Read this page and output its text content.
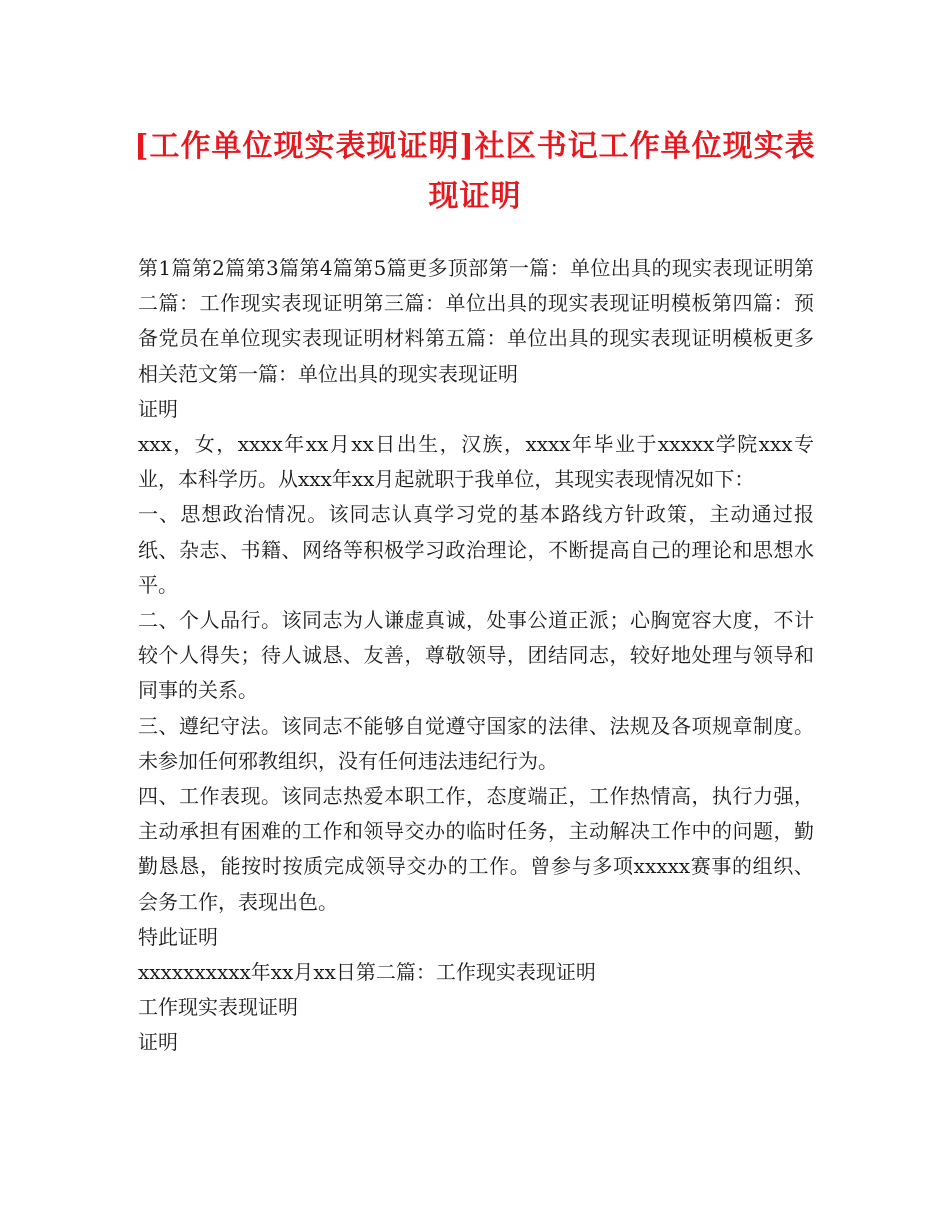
[工作单位现实表现证明]社区书记工作单位现实表现证明

第1篇第2篇第3篇第4篇第5篇更多顶部第一篇：单位出具的现实表现证明第二篇：工作现实表现证明第三篇：单位出具的现实表现证明模板第四篇：预备党员在单位现实表现证明材料第五篇：单位出具的现实表现证明模板更多相关范文第一篇：单位出具的现实表现证明

证明

xxx，女，xxxx年xx月xx日出生，汉族，xxxx年毕业于xxxxx学院xxx专业，本科学历。从xxx年xx月起就职于我单位，其现实表现情况如下：

一、思想政治情况。该同志认真学习党的基本路线方针政策，主动通过报纸、杂志、书籍、网络等积极学习政治理论，不断提高自己的理论和思想水平。

二、个人品行。该同志为人谦虚真诚，处事公道正派；心胸宽容大度，不计较个人得失；待人诚恳、友善，尊敬领导，团结同志，较好地处理与领导和同事的关系。

三、遵纪守法。该同志不能够自觉遵守国家的法律、法规及各项规章制度。未参加任何邪教组织，没有任何违法违纪行为。

四、工作表现。该同志热爱本职工作，态度端正，工作热情高，执行力强，主动承担有困难的工作和领导交办的临时任务，主动解决工作中的问题，勤勤恳恳，能按时按质完成领导交办的工作。曾参与多项xxxxx赛事的组织、会务工作，表现出色。

特此证明

xxxxxxxxxx年xx月xx日第二篇：工作现实表现证明

工作现实表现证明

证明
